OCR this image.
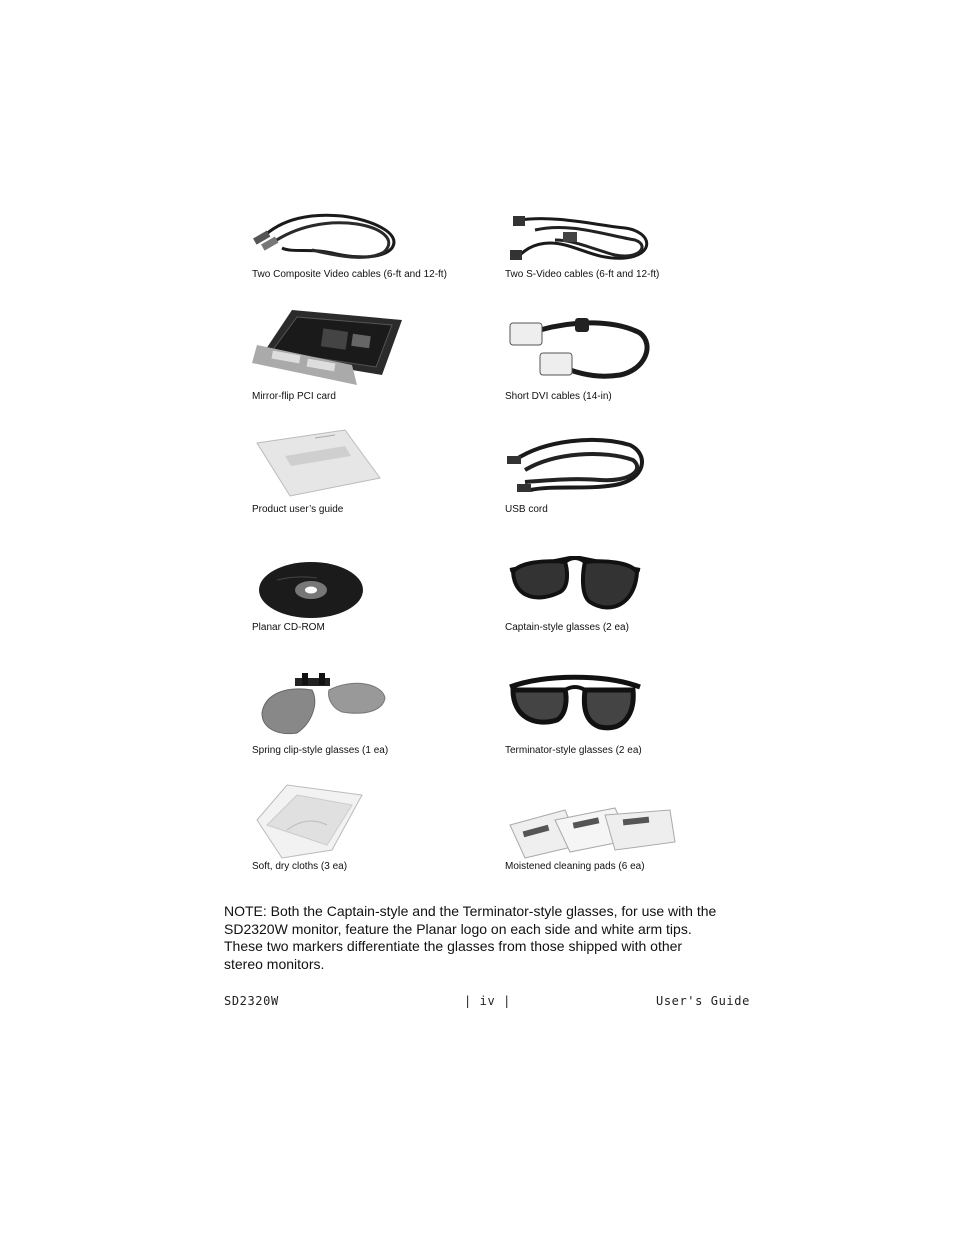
Two Composite Video cables (6-ft and 12-ft)	Two S-Video cables (6-ft and 12-ft)
Mirror-flip PCI card	Short DVI cables (14-in)
Product user’s guide	USB cord
Planar CD-ROM	Captain-style glasses (2 ea)
Spring clip-style glasses (1 ea)	Terminator-style glasses (2 ea)
Soft, dry cloths (3 ea)	Moistened cleaning pads (6 ea)
NOTE: Both the Captain-style and the Terminator-style glasses, for use with the SD2320W monitor, feature the Planar logo on each side and white arm tips. These two markers differentiate the glasses from those shipped with other stereo monitors.
SD2320W	| iv |	User's Guide
